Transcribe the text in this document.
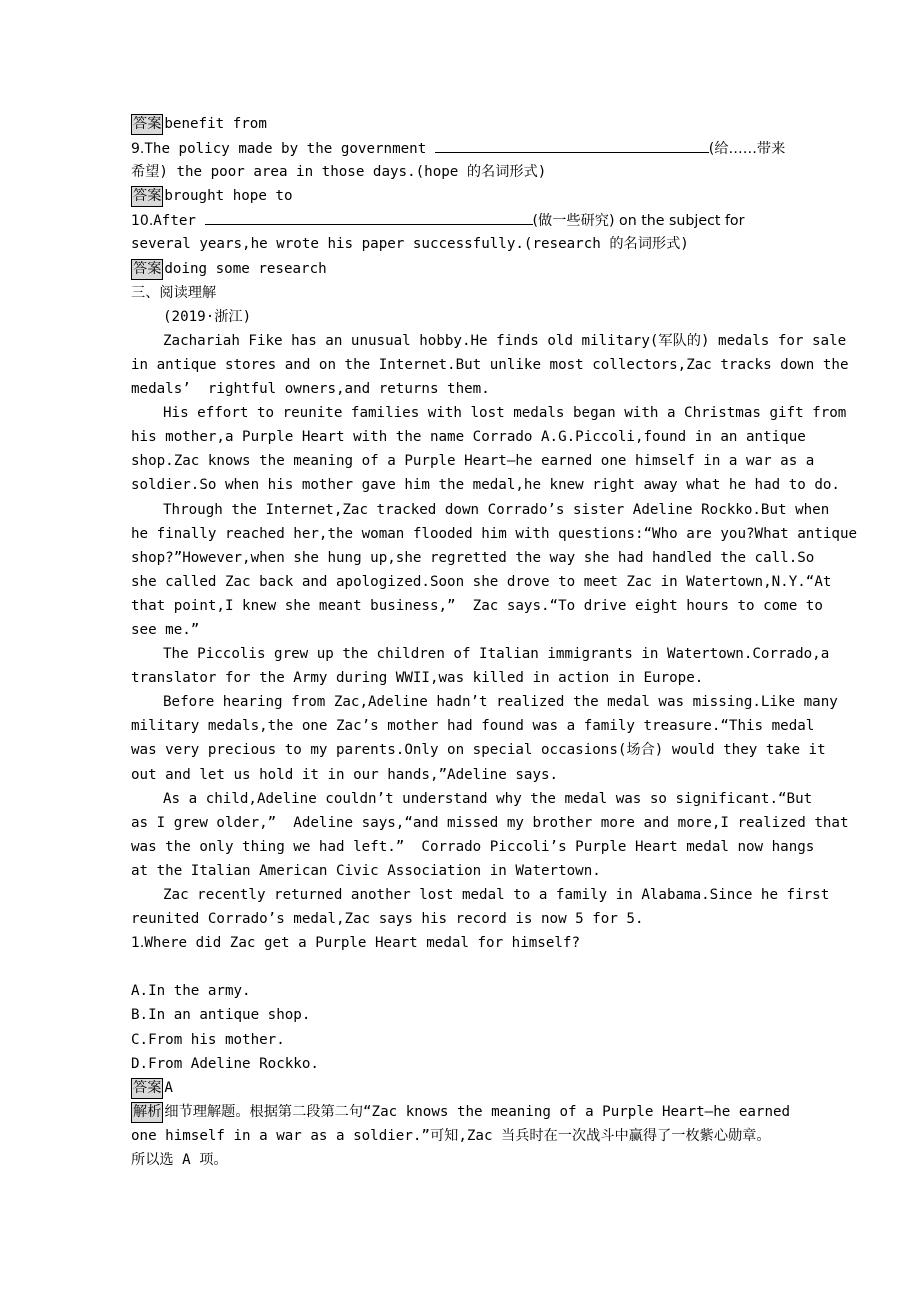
答案 benefit from
9.The policy made by the government	(给……带来
希望) the poor area in those days.(hope 的名词形式)
答案 brought hope to
10.After	(做一些研究) on the subject for
several years,he wrote his paper successfully.(research 的名词形式)
答案 doing some research
三、阅读理解
(2019·浙江)
Zachariah Fike has an unusual hobby.He finds old military(军队的) medals for sale
in antique stores and on the Internet.But unlike most collectors,Zac tracks down the
medals’  rightful owners,and returns them.
His effort to reunite families with lost medals began with a Christmas gift from
his mother,a Purple Heart with the name Corrado A.G.Piccoli,found in an antique
shop.Zac knows the meaning of a Purple Heart—he earned one himself in a war as a
soldier.So when his mother gave him the medal,he knew right away what he had to do.
Through the Internet,Zac tracked down Corrado’s sister Adeline Rockko.But when
he finally reached her,the woman flooded him with questions:“Who are you?What antique
shop?”However,when she hung up,she regretted the way she had handled the call.So
she called Zac back and apologized.Soon she drove to meet Zac in Watertown,N.Y.“At
that point,I knew she meant business,”  Zac says.“To drive eight hours to come to
see me.”
The Piccolis grew up the children of Italian immigrants in Watertown.Corrado,a
translator for the Army during WWII,was killed in action in Europe.
Before hearing from Zac,Adeline hadn’t realized the medal was missing.Like many
military medals,the one Zac’s mother had found was a family treasure.“This medal
was very precious to my parents.Only on special occasions(场合) would they take it
out and let us hold it in our hands,”Adeline says.
As a child,Adeline couldn’t understand why the medal was so significant.“But
as I grew older,”  Adeline says,“and missed my brother more and more,I realized that
was the only thing we had left.”  Corrado Piccoli’s Purple Heart medal now hangs
at the Italian American Civic Association in Watertown.
Zac recently returned another lost medal to a family in Alabama.Since he first
reunited Corrado’s medal,Zac says his record is now 5 for 5.
1.Where did Zac get a Purple Heart medal for himself?
A.In the army.
B.In an antique shop.
C.From his mother.
D.From Adeline Rockko.
答案 A
解析 细节理解题。根据第二段第二句“Zac knows the meaning of a Purple Heart—he earned
one himself in a war as a soldier.”可知,Zac 当兵时在一次战斗中赢得了一枚紫心勋章。
所以选 A 项。
